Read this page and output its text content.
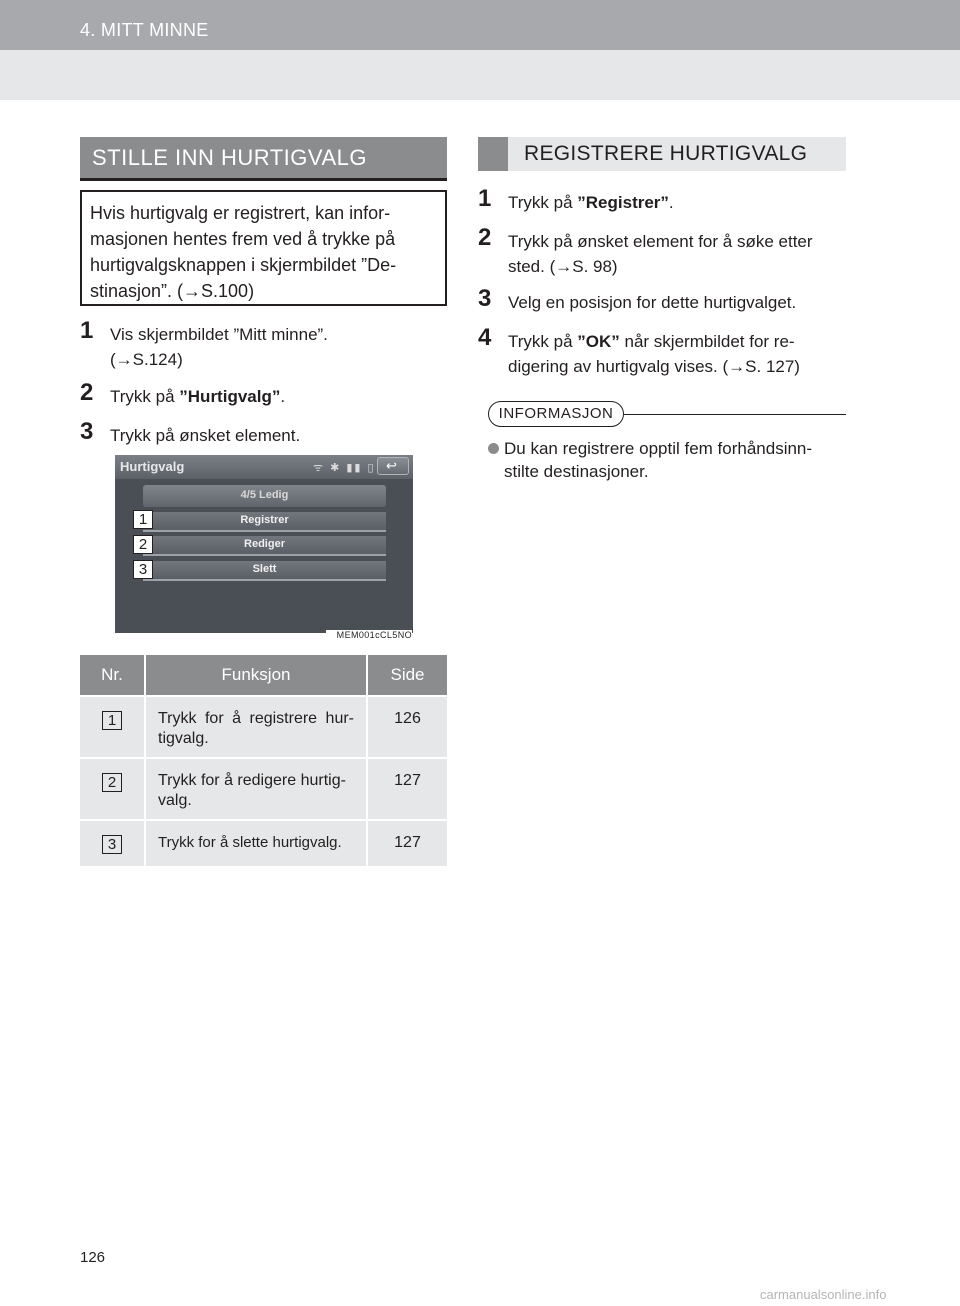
4. MITT MINNE
STILLE INN HURTIGVALG
Hvis hurtigvalg er registrert, kan infor-
masjonen hentes frem ved å trykke på
hurtigvalgsknappen i skjermbildet ”De-
stinasjon”. (→S.100)
1 Vis skjermbildet ”Mitt minne”.
(→S.124)
2 Trykk på ”Hurtigvalg”.
3 Trykk på ønsket element.
Hurtigvalg	ᯤ ✱ ▮▮ ▯ ↩
4/5 Ledig
Registrer
Rediger
Slett
1
2
3
MEM001cCL5NO
Nr.	Funksjon	Side
1	Trykk for å registrere hur-
tigvalg.	126
2	Trykk for å redigere hurtig-
valg.	127
3	Trykk for å slette hurtigvalg.	127
REGISTRERE HURTIGVALG
1 Trykk på ”Registrer”.
2 Trykk på ønsket element for å søke etter
sted. (→S. 98)
3 Velg en posisjon for dette hurtigvalget.
4 Trykk på ”OK” når skjermbildet for re-
digering av hurtigvalg vises. (→S. 127)
INFORMASJON
Du kan registrere opptil fem forhåndsinn-
stilte destinasjoner.
126
carmanualsonline.info
